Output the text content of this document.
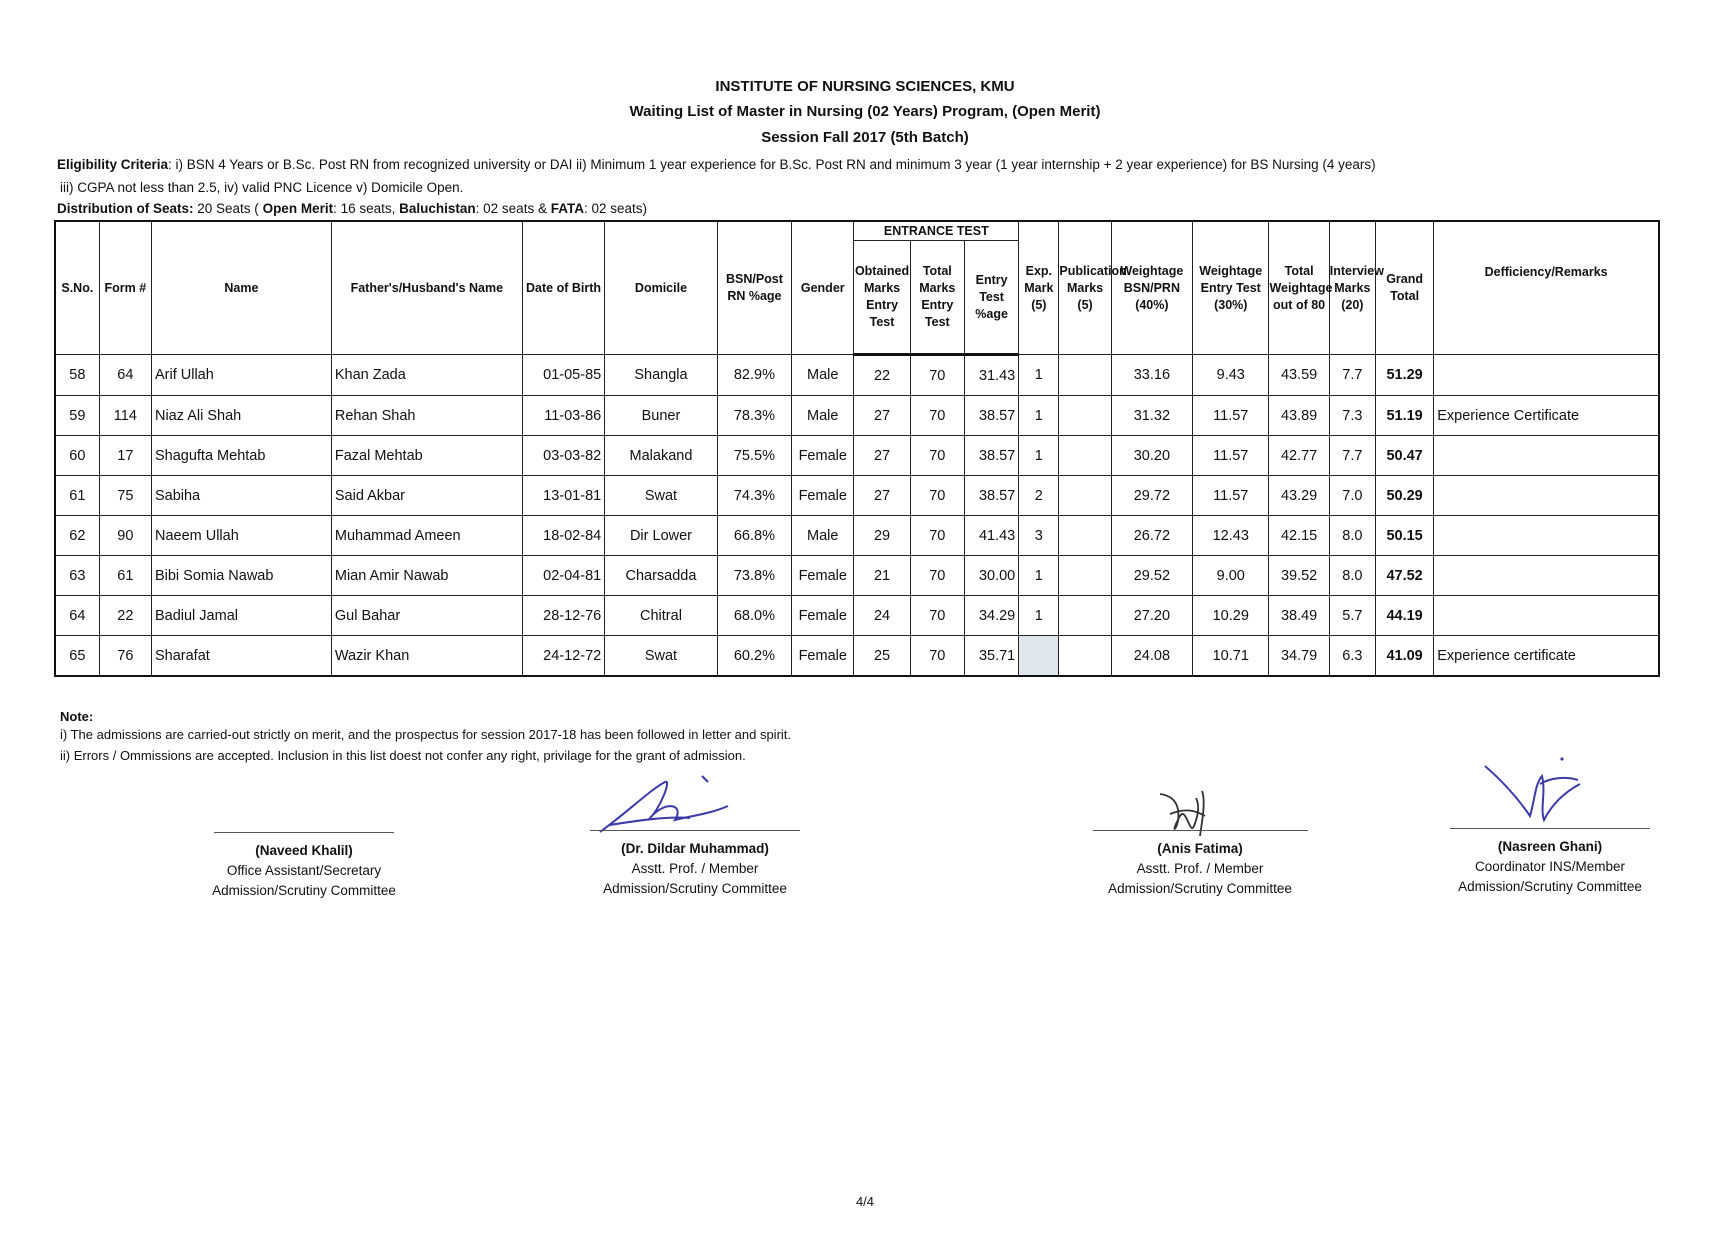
INSTITUTE OF NURSING SCIENCES, KMU
Waiting List of Master in Nursing (02 Years) Program, (Open Merit)
Session Fall 2017 (5th Batch)
Eligibility Criteria: i) BSN 4 Years or B.Sc. Post RN from recognized university or DAI ii) Minimum 1 year experience for B.Sc. Post RN and minimum 3 year (1 year internship + 2 year experience) for BS Nursing (4 years)
iii) CGPA not less than 2.5, iv) valid PNC Licence v) Domicile Open.
Distribution of Seats: 20 Seats ( Open Merit: 16 seats, Baluchistan: 02 seats & FATA: 02 seats)
S.No.	Form #	Name	Father's/Husband's Name	Date of Birth	Domicile	BSN/Post RN %age	Gender	ENTRANCE TEST			Exp. Mark (5)	Publication Marks (5)	Weightage BSN/PRN (40%)	Weightage Entry Test (30%)	Total Weightage out of 80	Interview Marks (20)	Grand Total	Defficiency/Remarks
								Obtained Marks Entry Test	Total Marks Entry Test	Entry Test %age								
58	64	Arif Ullah	Khan Zada	01-05-85	Shangla	82.9%	Male	22	70	31.43	1		33.16	9.43	43.59	7.7	51.29	
59	114	Niaz Ali Shah	Rehan Shah	11-03-86	Buner	78.3%	Male	27	70	38.57	1		31.32	11.57	43.89	7.3	51.19	Experience Certificate
60	17	Shagufta Mehtab	Fazal Mehtab	03-03-82	Malakand	75.5%	Female	27	70	38.57	1		30.20	11.57	42.77	7.7	50.47	
61	75	Sabiha	Said Akbar	13-01-81	Swat	74.3%	Female	27	70	38.57	2		29.72	11.57	43.29	7.0	50.29	
62	90	Naeem Ullah	Muhammad Ameen	18-02-84	Dir Lower	66.8%	Male	29	70	41.43	3		26.72	12.43	42.15	8.0	50.15	
63	61	Bibi Somia Nawab	Mian Amir Nawab	02-04-81	Charsadda	73.8%	Female	21	70	30.00	1		29.52	9.00	39.52	8.0	47.52	
64	22	Badiul Jamal	Gul Bahar	28-12-76	Chitral	68.0%	Female	24	70	34.29	1		27.20	10.29	38.49	5.7	44.19	
65	76	Sharafat	Wazir Khan	24-12-72	Swat	60.2%	Female	25	70	35.71			24.08	10.71	34.79	6.3	41.09	Experience certificate
Note:
i) The admissions are carried-out strictly on merit, and the prospectus for session 2017-18 has been followed in letter and spirit.
ii) Errors / Ommissions are accepted. Inclusion in this list doest not confer any right, privilage for the grant of admission.
(Naveed Khalil)
Office Assistant/Secretary
Admission/Scrutiny Committee
(Dr. Dildar Muhammad)
Asstt. Prof. / Member
Admission/Scrutiny Committee
(Anis Fatima)
Asstt. Prof. / Member
Admission/Scrutiny Committee
(Nasreen Ghani)
Coordinator INS/Member
Admission/Scrutiny Committee
4/4
